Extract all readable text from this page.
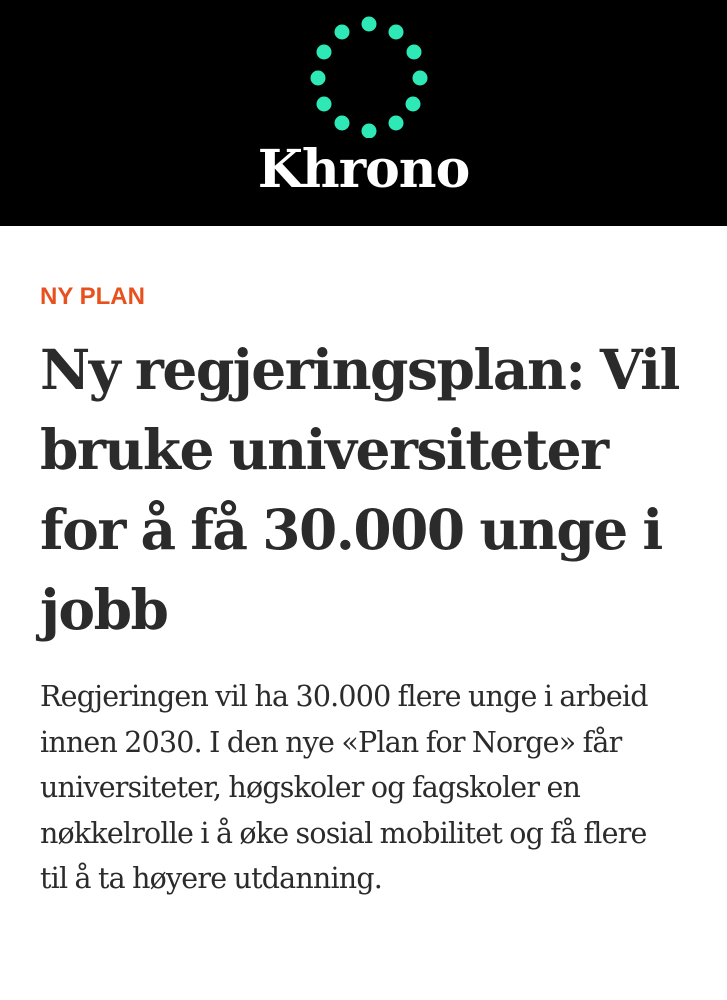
Khrono
NY PLAN
Ny regjeringsplan: Vil bruke universiteter for å få 30.000 unge i jobb

Regjeringen vil ha 30.000 flere unge i arbeid innen 2030. I den nye «Plan for Norge» får universiteter, høgskoler og fagskoler en nøkkelrolle i å øke sosial mobilitet og få flere til å ta høyere utdanning.
